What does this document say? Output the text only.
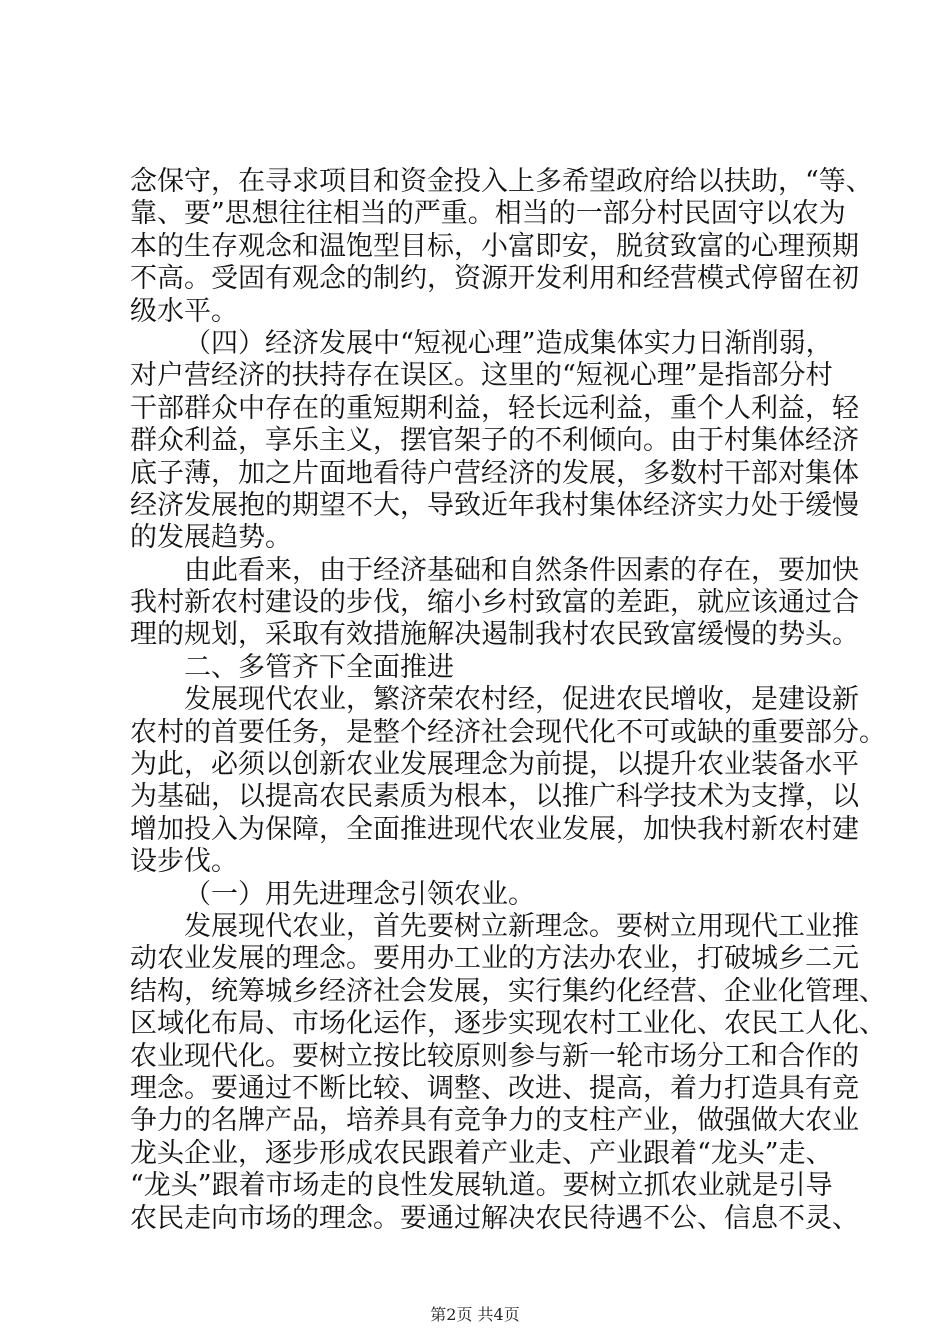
念保守，在寻求项目和资金投入上多希望政府给以扶助，“等、
靠、要”思想往往相当的严重。相当的一部分村民固守以农为
本的生存观念和温饱型目标，小富即安，脱贫致富的心理预期
不高。受固有观念的制约，资源开发利用和经营模式停留在初
级水平。
（四）经济发展中“短视心理”造成集体实力日渐削弱，
对户营经济的扶持存在误区。这里的“短视心理”是指部分村
干部群众中存在的重短期利益，轻长远利益，重个人利益，轻
群众利益，享乐主义，摆官架子的不利倾向。由于村集体经济
底子薄，加之片面地看待户营经济的发展，多数村干部对集体
经济发展抱的期望不大，导致近年我村集体经济实力处于缓慢
的发展趋势。
由此看来，由于经济基础和自然条件因素的存在，要加快
我村新农村建设的步伐，缩小乡村致富的差距，就应该通过合
理的规划，采取有效措施解决遏制我村农民致富缓慢的势头。
二、多管齐下全面推进
发展现代农业，繁济荣农村经，促进农民增收，是建设新
农村的首要任务，是整个经济社会现代化不可或缺的重要部分。
为此，必须以创新农业发展理念为前提，以提升农业装备水平
为基础，以提高农民素质为根本，以推广科学技术为支撑，以
增加投入为保障，全面推进现代农业发展，加快我村新农村建
设步伐。
（一）用先进理念引领农业。
发展现代农业，首先要树立新理念。要树立用现代工业推
动农业发展的理念。要用办工业的方法办农业，打破城乡二元
结构，统筹城乡经济社会发展，实行集约化经营、企业化管理、
区域化布局、市场化运作，逐步实现农村工业化、农民工人化、
农业现代化。要树立按比较原则参与新一轮市场分工和合作的
理念。要通过不断比较、调整、改进、提高，着力打造具有竞
争力的名牌产品，培养具有竞争力的支柱产业，做强做大农业
龙头企业，逐步形成农民跟着产业走、产业跟着“龙头”走、
“龙头”跟着市场走的良性发展轨道。要树立抓农业就是引导
农民走向市场的理念。要通过解决农民待遇不公、信息不灵、
第2页 共4页
